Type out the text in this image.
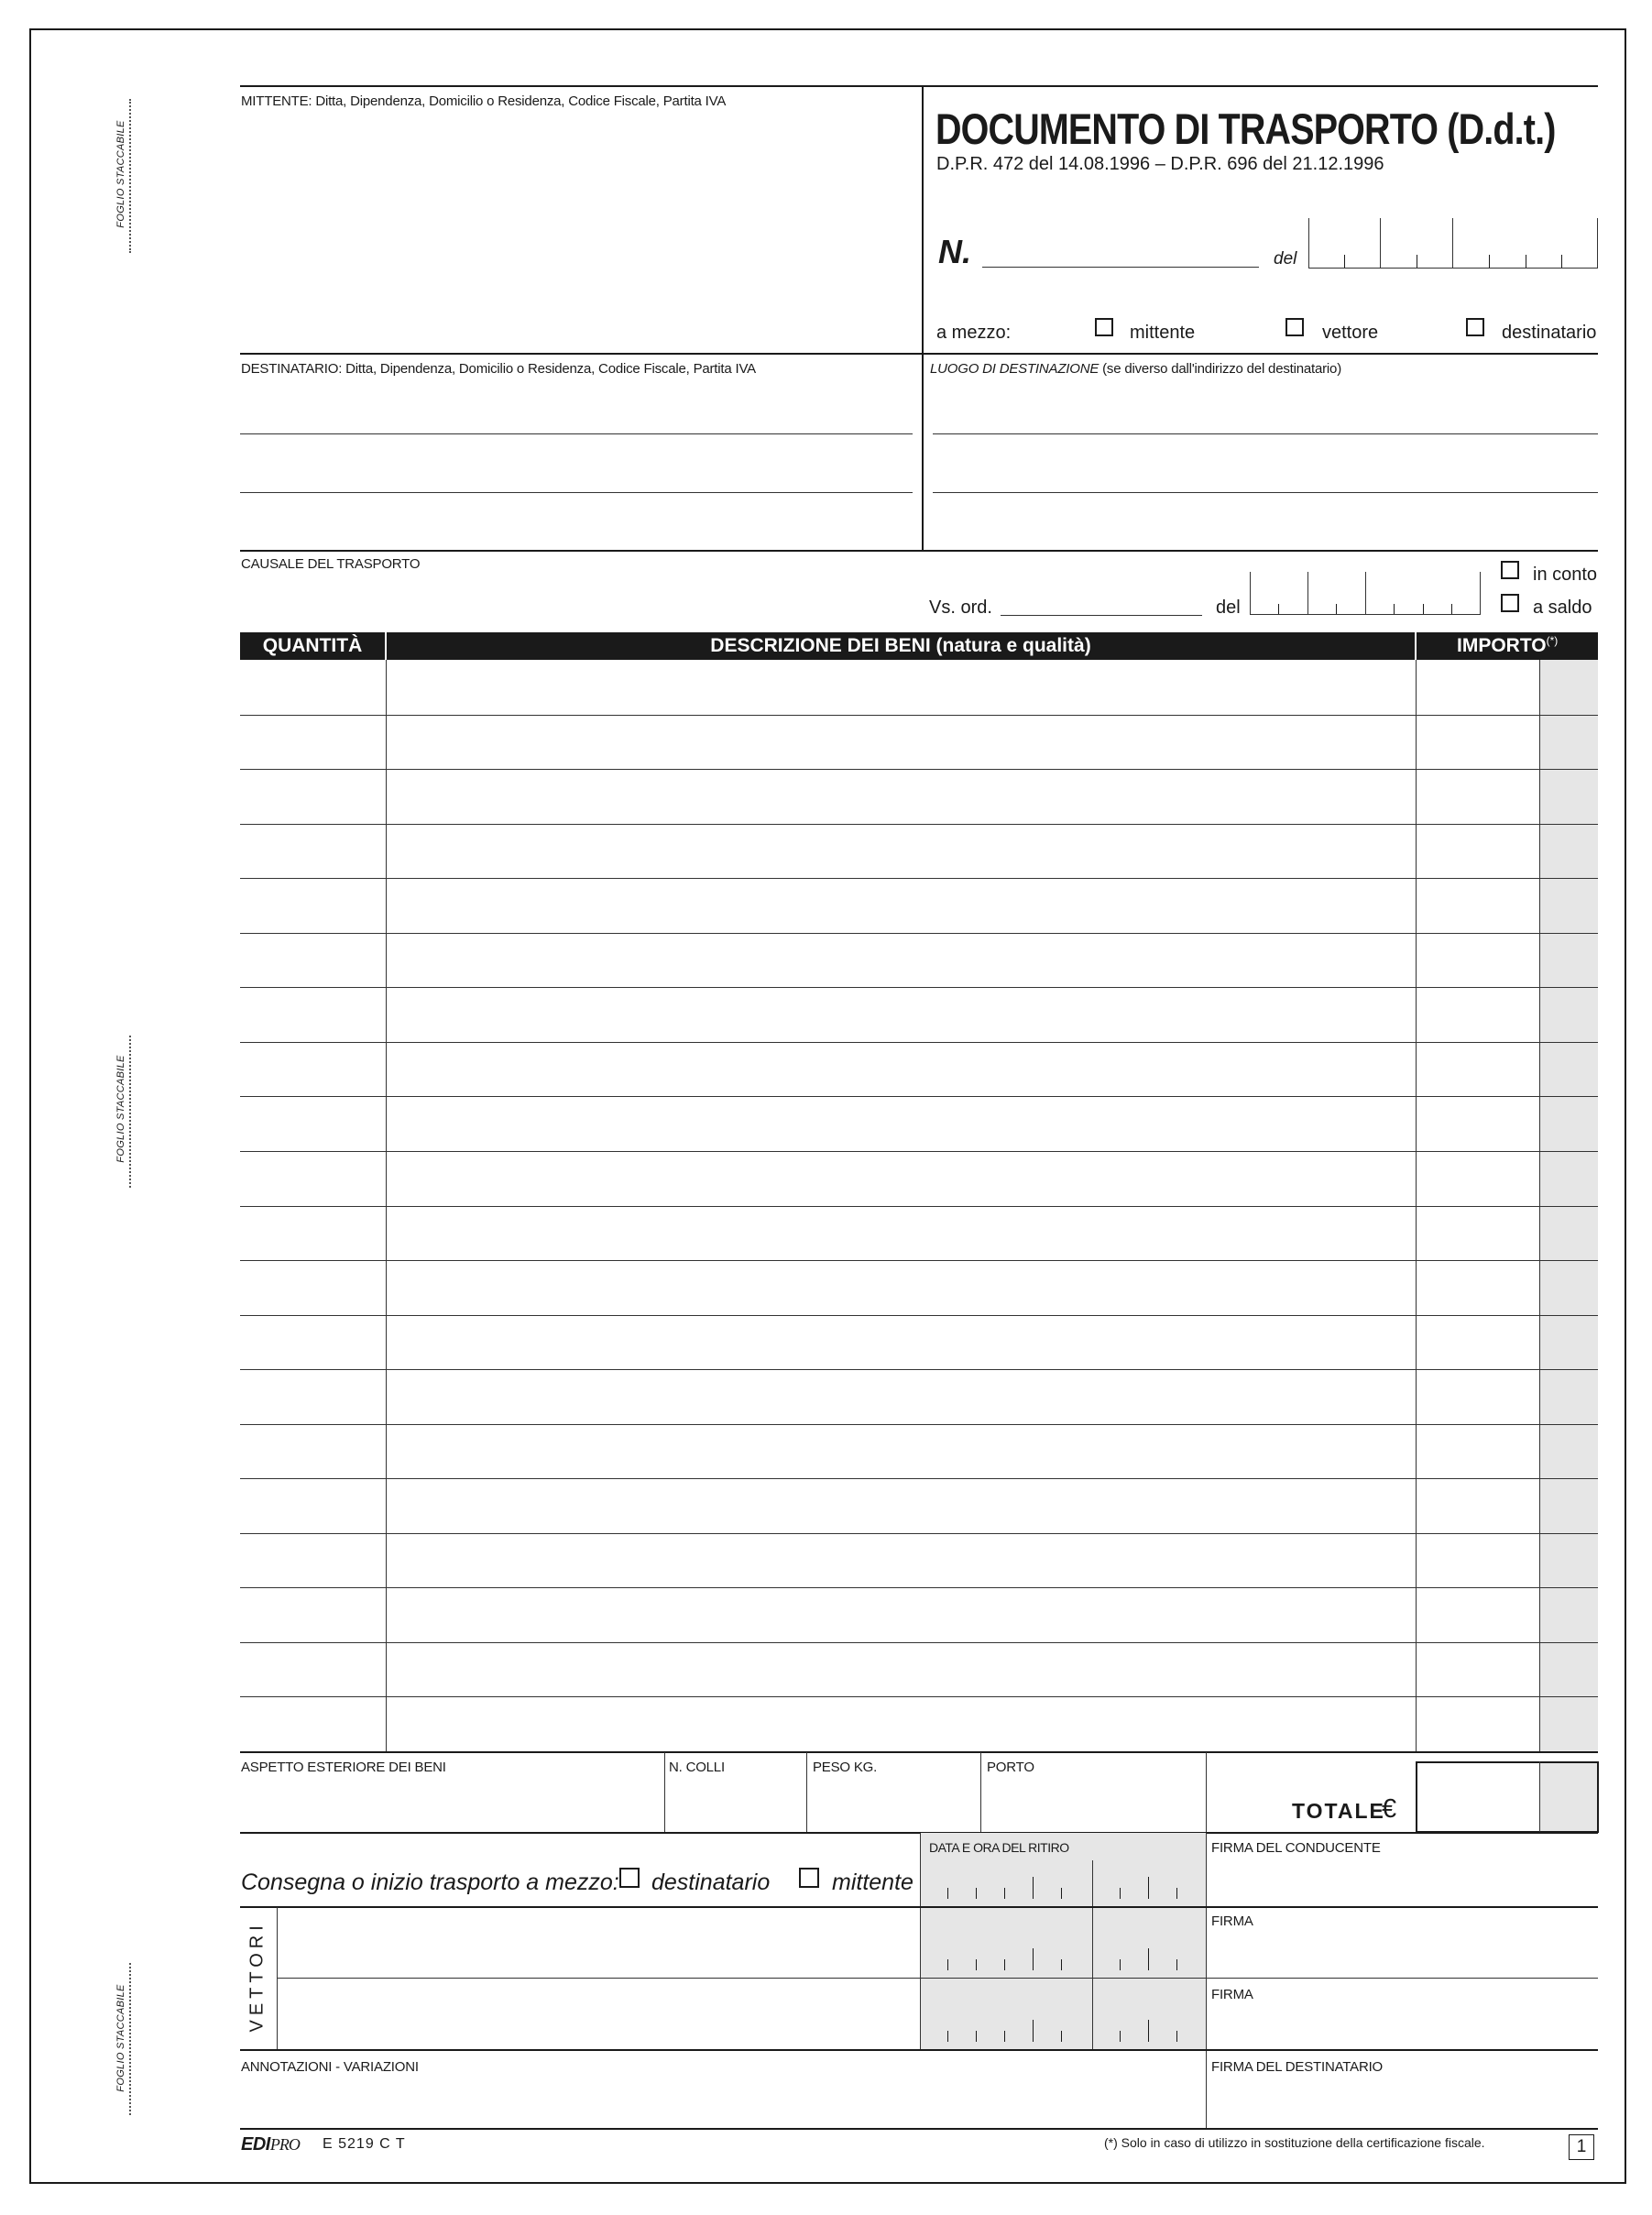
FOGLIO STACCABILE
FOGLIO STACCABILE
FOGLIO STACCABILE
MITTENTE: Ditta, Dipendenza, Domicilio o Residenza, Codice Fiscale, Partita IVA
DOCUMENTO DI TRASPORTO (D.d.t.)
D.P.R. 472 del 14.08.1996 – D.P.R. 696 del 21.12.1996
N.	del
a mezzo:	mittente	vettore	destinatario
DESTINATARIO: Ditta, Dipendenza, Domicilio o Residenza, Codice Fiscale, Partita IVA	LUOGO DI DESTINAZIONE (se diverso dall'indirizzo del destinatario)
CAUSALE DEL TRASPORTO
Vs. ord.	del
in conto
a saldo
QUANTITÀ	DESCRIZIONE DEI BENI (natura e qualità)	IMPORTO(*)
ASPETTO ESTERIORE DEI BENI	N. COLLI	PESO KG.	PORTO
TOTALE
€
DATA E ORA DEL RITIRO	FIRMA DEL CONDUCENTE
Consegna o inizio trasporto a mezzo: destinatario	mittente
VETTORI	FIRMA
FIRMA
ANNOTAZIONI - VARIAZIONI	FIRMA DEL DESTINATARIO
EDIPRO E 5219 C T	(*) Solo in caso di utilizzo in sostituzione della certificazione fiscale.	1
